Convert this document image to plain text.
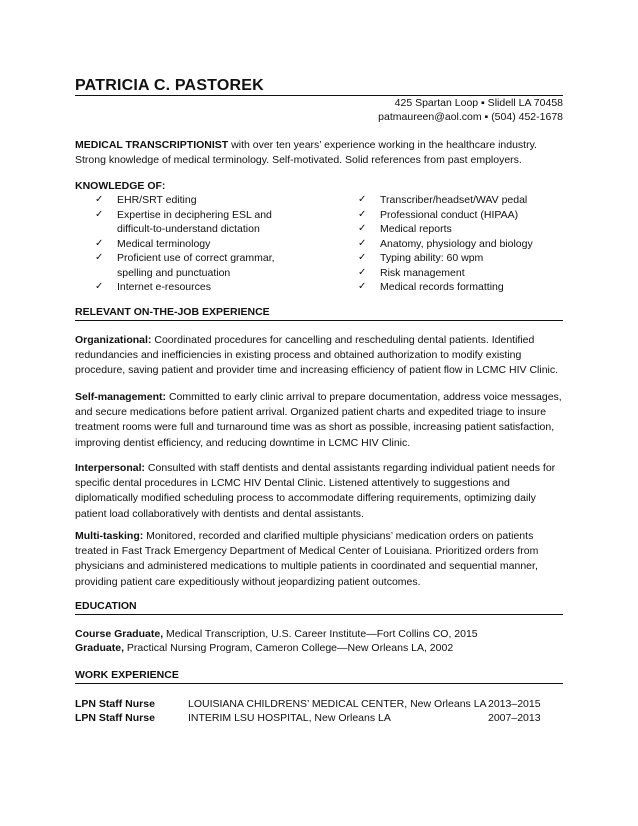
PATRICIA C. PASTOREK
425 Spartan Loop ▪ Slidell LA 70458
patmaureen@aol.com ▪ (504) 452-1678
MEDICAL TRANSCRIPTIONIST with over ten years’ experience working in the healthcare industry. Strong knowledge of medical terminology. Self-motivated. Solid references from past employers.
KNOWLEDGE OF:
✓ EHR/SRT editing
✓ Expertise in deciphering ESL and difficult-to-understand dictation
✓ Medical terminology
✓ Proficient use of correct grammar, spelling and punctuation
✓ Internet e-resources
✓ Transcriber/headset/WAV pedal
✓ Professional conduct (HIPAA)
✓ Medical reports
✓ Anatomy, physiology and biology
✓ Typing ability: 60 wpm
✓ Risk management
✓ Medical records formatting
RELEVANT ON-THE-JOB EXPERIENCE
Organizational: Coordinated procedures for cancelling and rescheduling dental patients. Identified redundancies and inefficiencies in existing process and obtained authorization to modify existing procedure, saving patient and provider time and increasing efficiency of patient flow in LCMC HIV Clinic.
Self-management: Committed to early clinic arrival to prepare documentation, address voice messages, and secure medications before patient arrival. Organized patient charts and expedited triage to insure treatment rooms were full and turnaround time was as short as possible, increasing patient satisfaction, improving dentist efficiency, and reducing downtime in LCMC HIV Clinic.
Interpersonal: Consulted with staff dentists and dental assistants regarding individual patient needs for specific dental procedures in LCMC HIV Dental Clinic. Listened attentively to suggestions and diplomatically modified scheduling process to accommodate differing requirements, optimizing daily patient load collaboratively with dentists and dental assistants.
Multi-tasking: Monitored, recorded and clarified multiple physicians’ medication orders on patients treated in Fast Track Emergency Department of Medical Center of Louisiana. Prioritized orders from physicians and administered medications to multiple patients in coordinated and sequential manner, providing patient care expeditiously without jeopardizing patient outcomes.
EDUCATION
Course Graduate, Medical Transcription, U.S. Career Institute—Fort Collins CO, 2015
Graduate, Practical Nursing Program, Cameron College—New Orleans LA, 2002
WORK EXPERIENCE
LPN Staff Nurse	LOUISIANA CHILDRENS’ MEDICAL CENTER, New Orleans LA 2013–2015
LPN Staff Nurse	INTERIM LSU HOSPITAL, New Orleans LA	2007–2013
